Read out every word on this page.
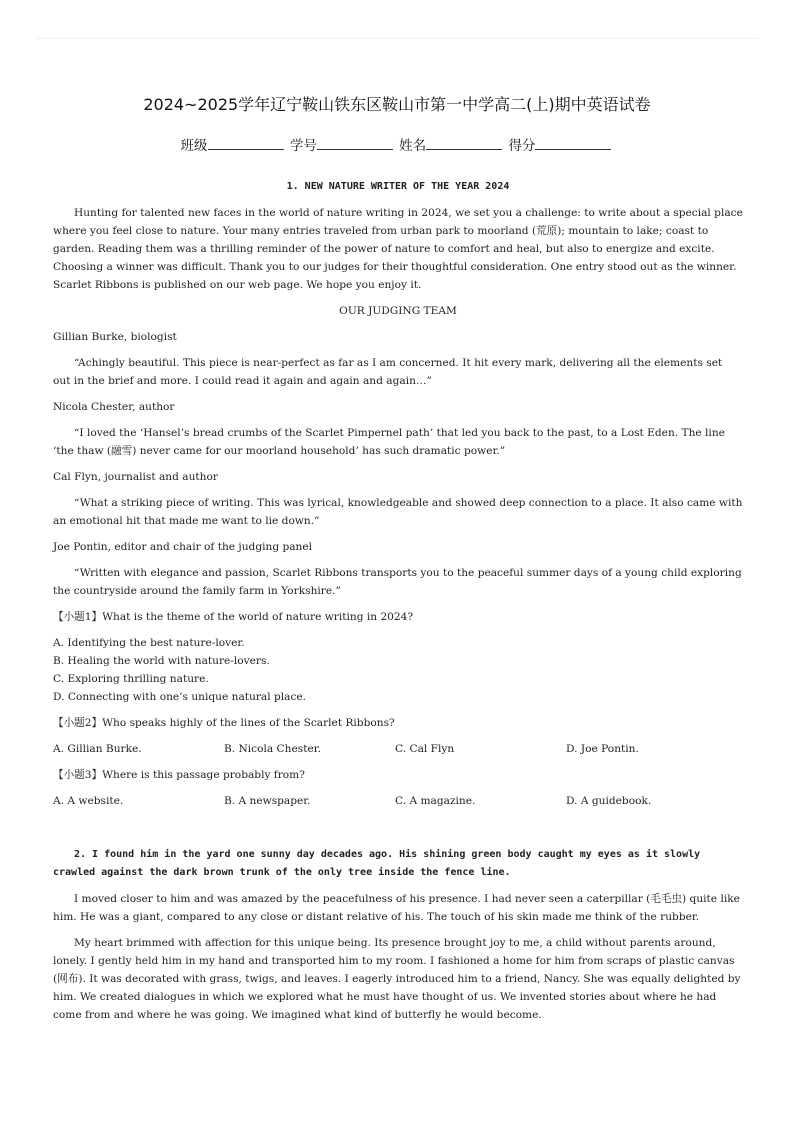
2024~2025学年辽宁鞍山铁东区鞍山市第一中学高二(上)期中英语试卷
班级	学号	姓名	得分

1. NEW NATURE WRITER OF THE YEAR 2024

Hunting for talented new faces in the world of nature writing in 2024, we set you a challenge: to write about a special place where you feel close to nature. Your many entries traveled from urban park to moorland (荒原); mountain to lake; coast to garden. Reading them was a thrilling reminder of the power of nature to comfort and heal, but also to energize and excite. Choosing a winner was difficult. Thank you to our judges for their thoughtful consideration. One entry stood out as the winner. Scarlet Ribbons is published on our web page. We hope you enjoy it.

OUR JUDGING TEAM

Gillian Burke, biologist

“Achingly beautiful. This piece is near-perfect as far as I am concerned. It hit every mark, delivering all the elements set out in the brief and more. I could read it again and again and again…”

Nicola Chester, author

“I loved the ‘Hansel’s bread crumbs of the Scarlet Pimpernel path’ that led you back to the past, to a Lost Eden. The line ‘the thaw (融雪) never came for our moorland household’ has such dramatic power.”

Cal Flyn, journalist and author

“What a striking piece of writing. This was lyrical, knowledgeable and showed deep connection to a place. It also came with an emotional hit that made me want to lie down.”

Joe Pontin, editor and chair of the judging panel

“Written with elegance and passion, Scarlet Ribbons transports you to the peaceful summer days of a young child exploring the countryside around the family farm in Yorkshire.”

【小题1】What is the theme of the world of nature writing in 2024?

A. Identifying the best nature-lover.

B. Healing the world with nature-lovers.

C. Exploring thrilling nature.

D. Connecting with one’s unique natural place.

【小题2】Who speaks highly of the lines of the Scarlet Ribbons?

A. Gillian Burke.	B. Nicola Chester.	C. Cal Flyn	D. Joe Pontin.

【小题3】Where is this passage probably from?

A. A website.	B. A newspaper.	C. A magazine.	D. A guidebook.

2. I found him in the yard one sunny day decades ago. His shining green body caught my eyes as it slowly crawled against the dark brown trunk of the only tree inside the fence line.

I moved closer to him and was amazed by the peacefulness of his presence. I had never seen a caterpillar (毛毛虫) quite like him. He was a giant, compared to any close or distant relative of his. The touch of his skin made me think of the rubber.

My heart brimmed with affection for this unique being. Its presence brought joy to me, a child without parents around, lonely. I gently held him in my hand and transported him to my room. I fashioned a home for him from scraps of plastic canvas (网布). It was decorated with grass, twigs, and leaves. I eagerly introduced him to a friend, Nancy. She was equally delighted by him. We created dialogues in which we explored what he must have thought of us. We invented stories about where he had come from and where he was going. We imagined what kind of butterfly he would become.
